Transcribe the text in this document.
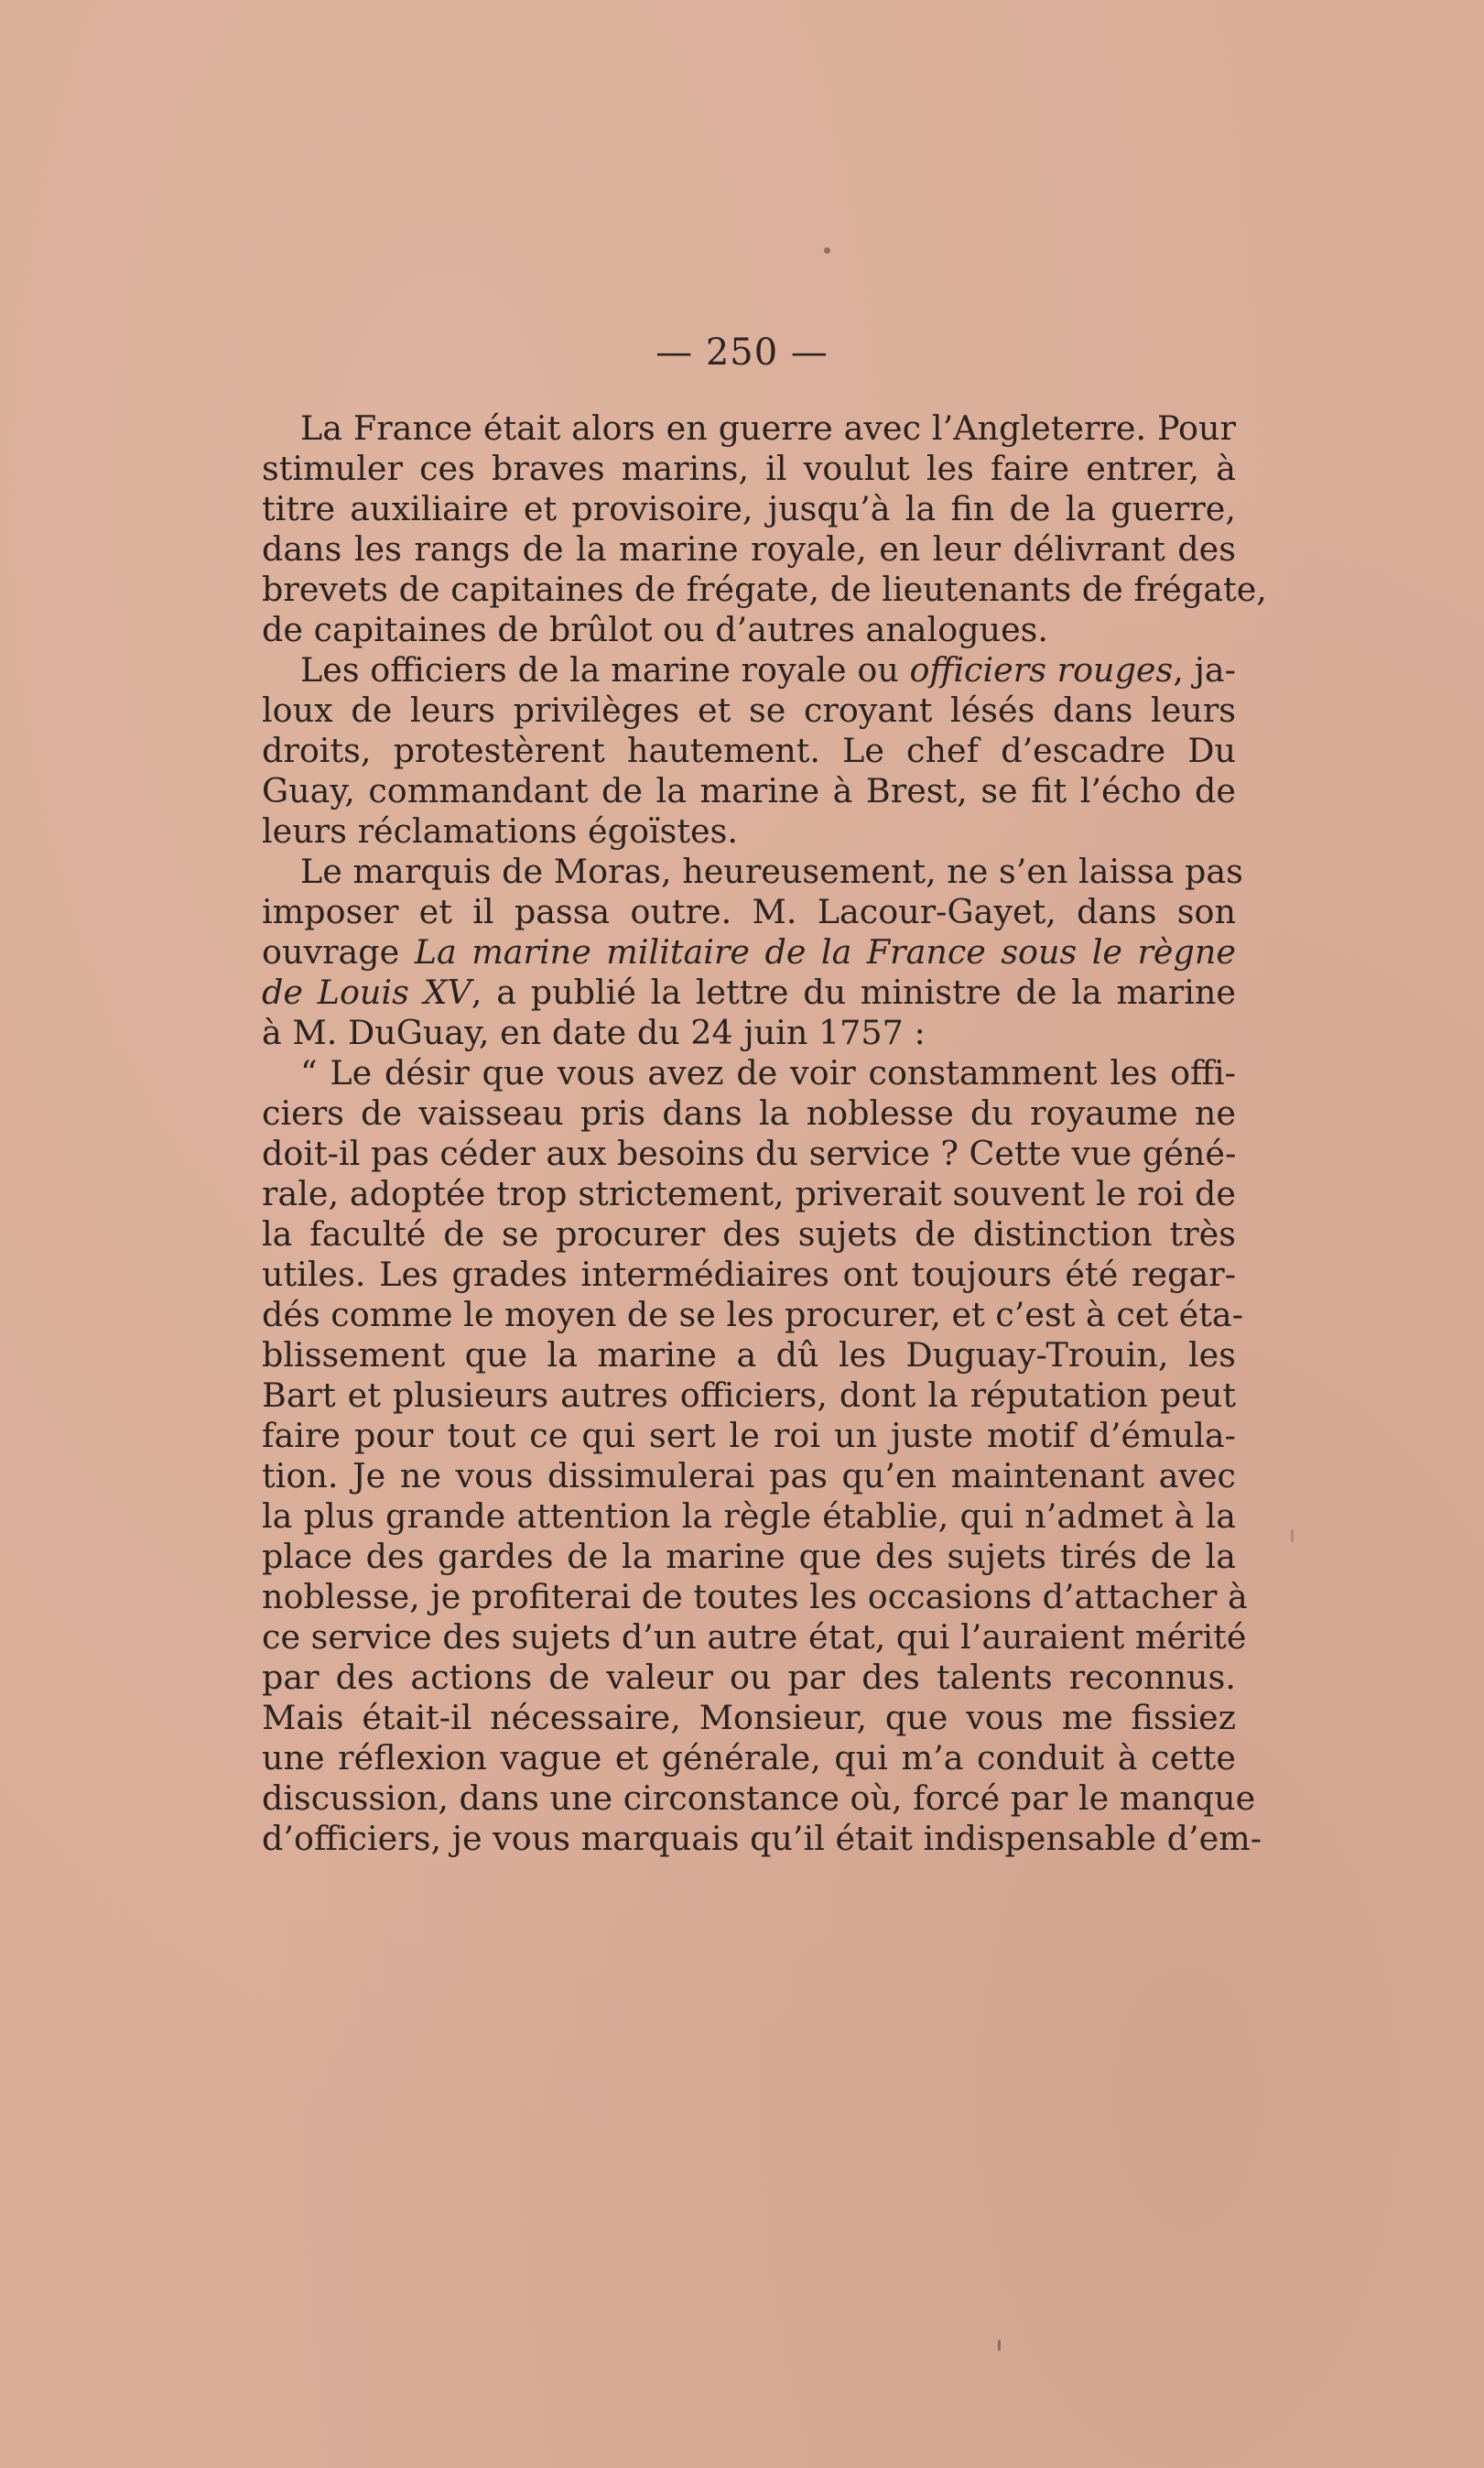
— 250 —
La France était alors en guerre avec l’Angleterre. Pour
stimuler ces braves marins, il voulut les faire entrer, à
titre auxiliaire et provisoire, jusqu’à la fin de la guerre,
dans les rangs de la marine royale, en leur délivrant des
brevets de capitaines de frégate, de lieutenants de frégate,
de capitaines de brûlot ou d’autres analogues.
Les officiers de la marine royale ou officiers rouges, ja-
loux de leurs privilèges et se croyant lésés dans leurs
droits, protestèrent hautement. Le chef d’escadre Du
Guay, commandant de la marine à Brest, se fit l’écho de
leurs réclamations égoïstes.
Le marquis de Moras, heureusement, ne s’en laissa pas
imposer et il passa outre. M. Lacour-Gayet, dans son
ouvrage La marine militaire de la France sous le règne
de Louis XV, a publié la lettre du ministre de la marine
à M. DuGuay, en date du 24 juin 1757 :
“ Le désir que vous avez de voir constamment les offi-
ciers de vaisseau pris dans la noblesse du royaume ne
doit-il pas céder aux besoins du service ? Cette vue géné-
rale, adoptée trop strictement, priverait souvent le roi de
la faculté de se procurer des sujets de distinction très
utiles. Les grades intermédiaires ont toujours été regar-
dés comme le moyen de se les procurer, et c’est à cet éta-
blissement que la marine a dû les Duguay-Trouin, les
Bart et plusieurs autres officiers, dont la réputation peut
faire pour tout ce qui sert le roi un juste motif d’émula-
tion. Je ne vous dissimulerai pas qu’en maintenant avec
la plus grande attention la règle établie, qui n’admet à la
place des gardes de la marine que des sujets tirés de la
noblesse, je profiterai de toutes les occasions d’attacher à
ce service des sujets d’un autre état, qui l’auraient mérité
par des actions de valeur ou par des talents reconnus.
Mais était-il nécessaire, Monsieur, que vous me fissiez
une réflexion vague et générale, qui m’a conduit à cette
discussion, dans une circonstance où, forcé par le manque
d’officiers, je vous marquais qu’il était indispensable d’em-
